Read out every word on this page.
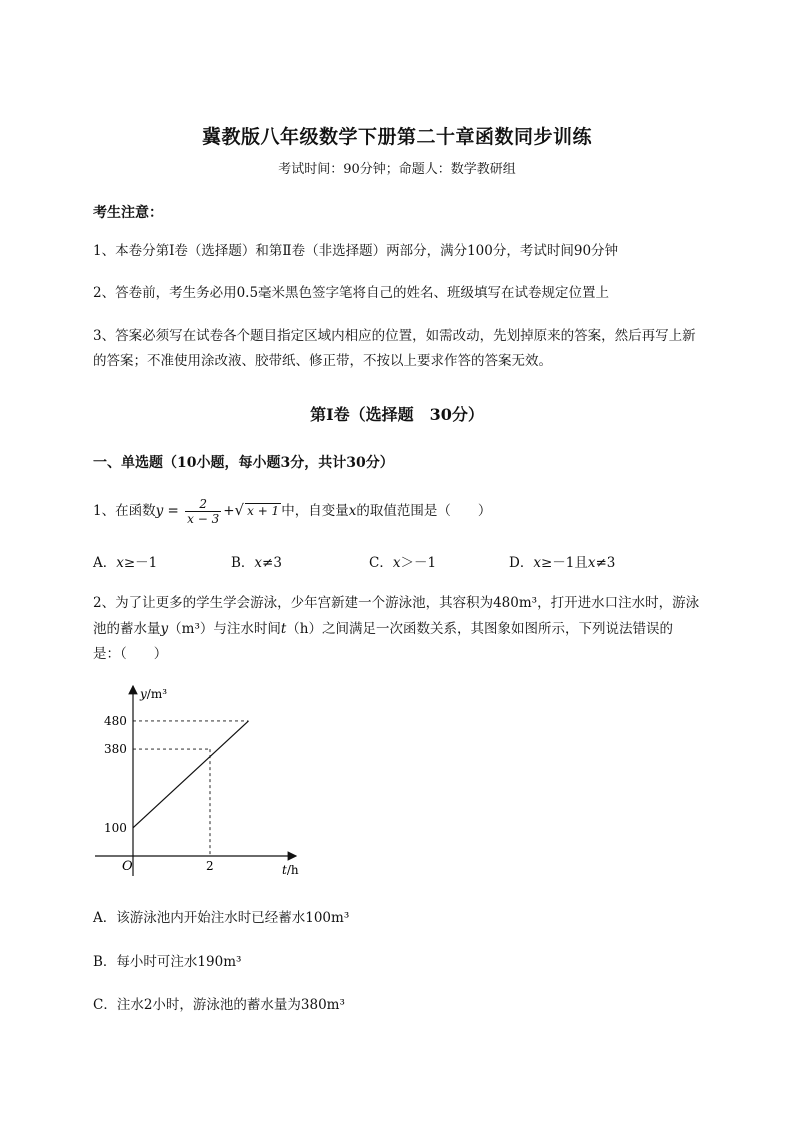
冀教版八年级数学下册第二十章函数同步训练
考试时间：90分钟；命题人：数学教研组
考生注意：
1、本卷分第Ⅰ卷（选择题）和第Ⅱ卷（非选择题）两部分，满分100分，考试时间90分钟
2、答卷前，考生务必用0.5毫米黑色签字笔将自己的姓名、班级填写在试卷规定位置上
3、答案必须写在试卷各个题目指定区域内相应的位置，如需改动，先划掉原来的答案，然后再写上新
的答案；不准使用涂改液、胶带纸、修正带，不按以上要求作答的答案无效。
第Ⅰ卷（选择题 30分）
一、单选题（10小题，每小题3分，共计30分）
1、在函数$y = \frac{2}{x - 3}$ +√ x + 1 中，自变量x的取值范围是（　　）
A．x≥－1	B．x≠3	C．x＞－1	D．x≥－1且x≠3
2、为了让更多的学生学会游泳，少年宫新建一个游泳池，其容积为480m³，打开进水口注水时，游泳
池的蓄水量y（m³）与注水时间t（h）之间满足一次函数关系，其图象如图所示，下列说法错误的
是：（　　）
100
380
480
2
O
y/m³
t/h
A．该游泳池内开始注水时已经蓄水100m³
B．每小时可注水190m³
C．注水2小时，游泳池的蓄水量为380m³
